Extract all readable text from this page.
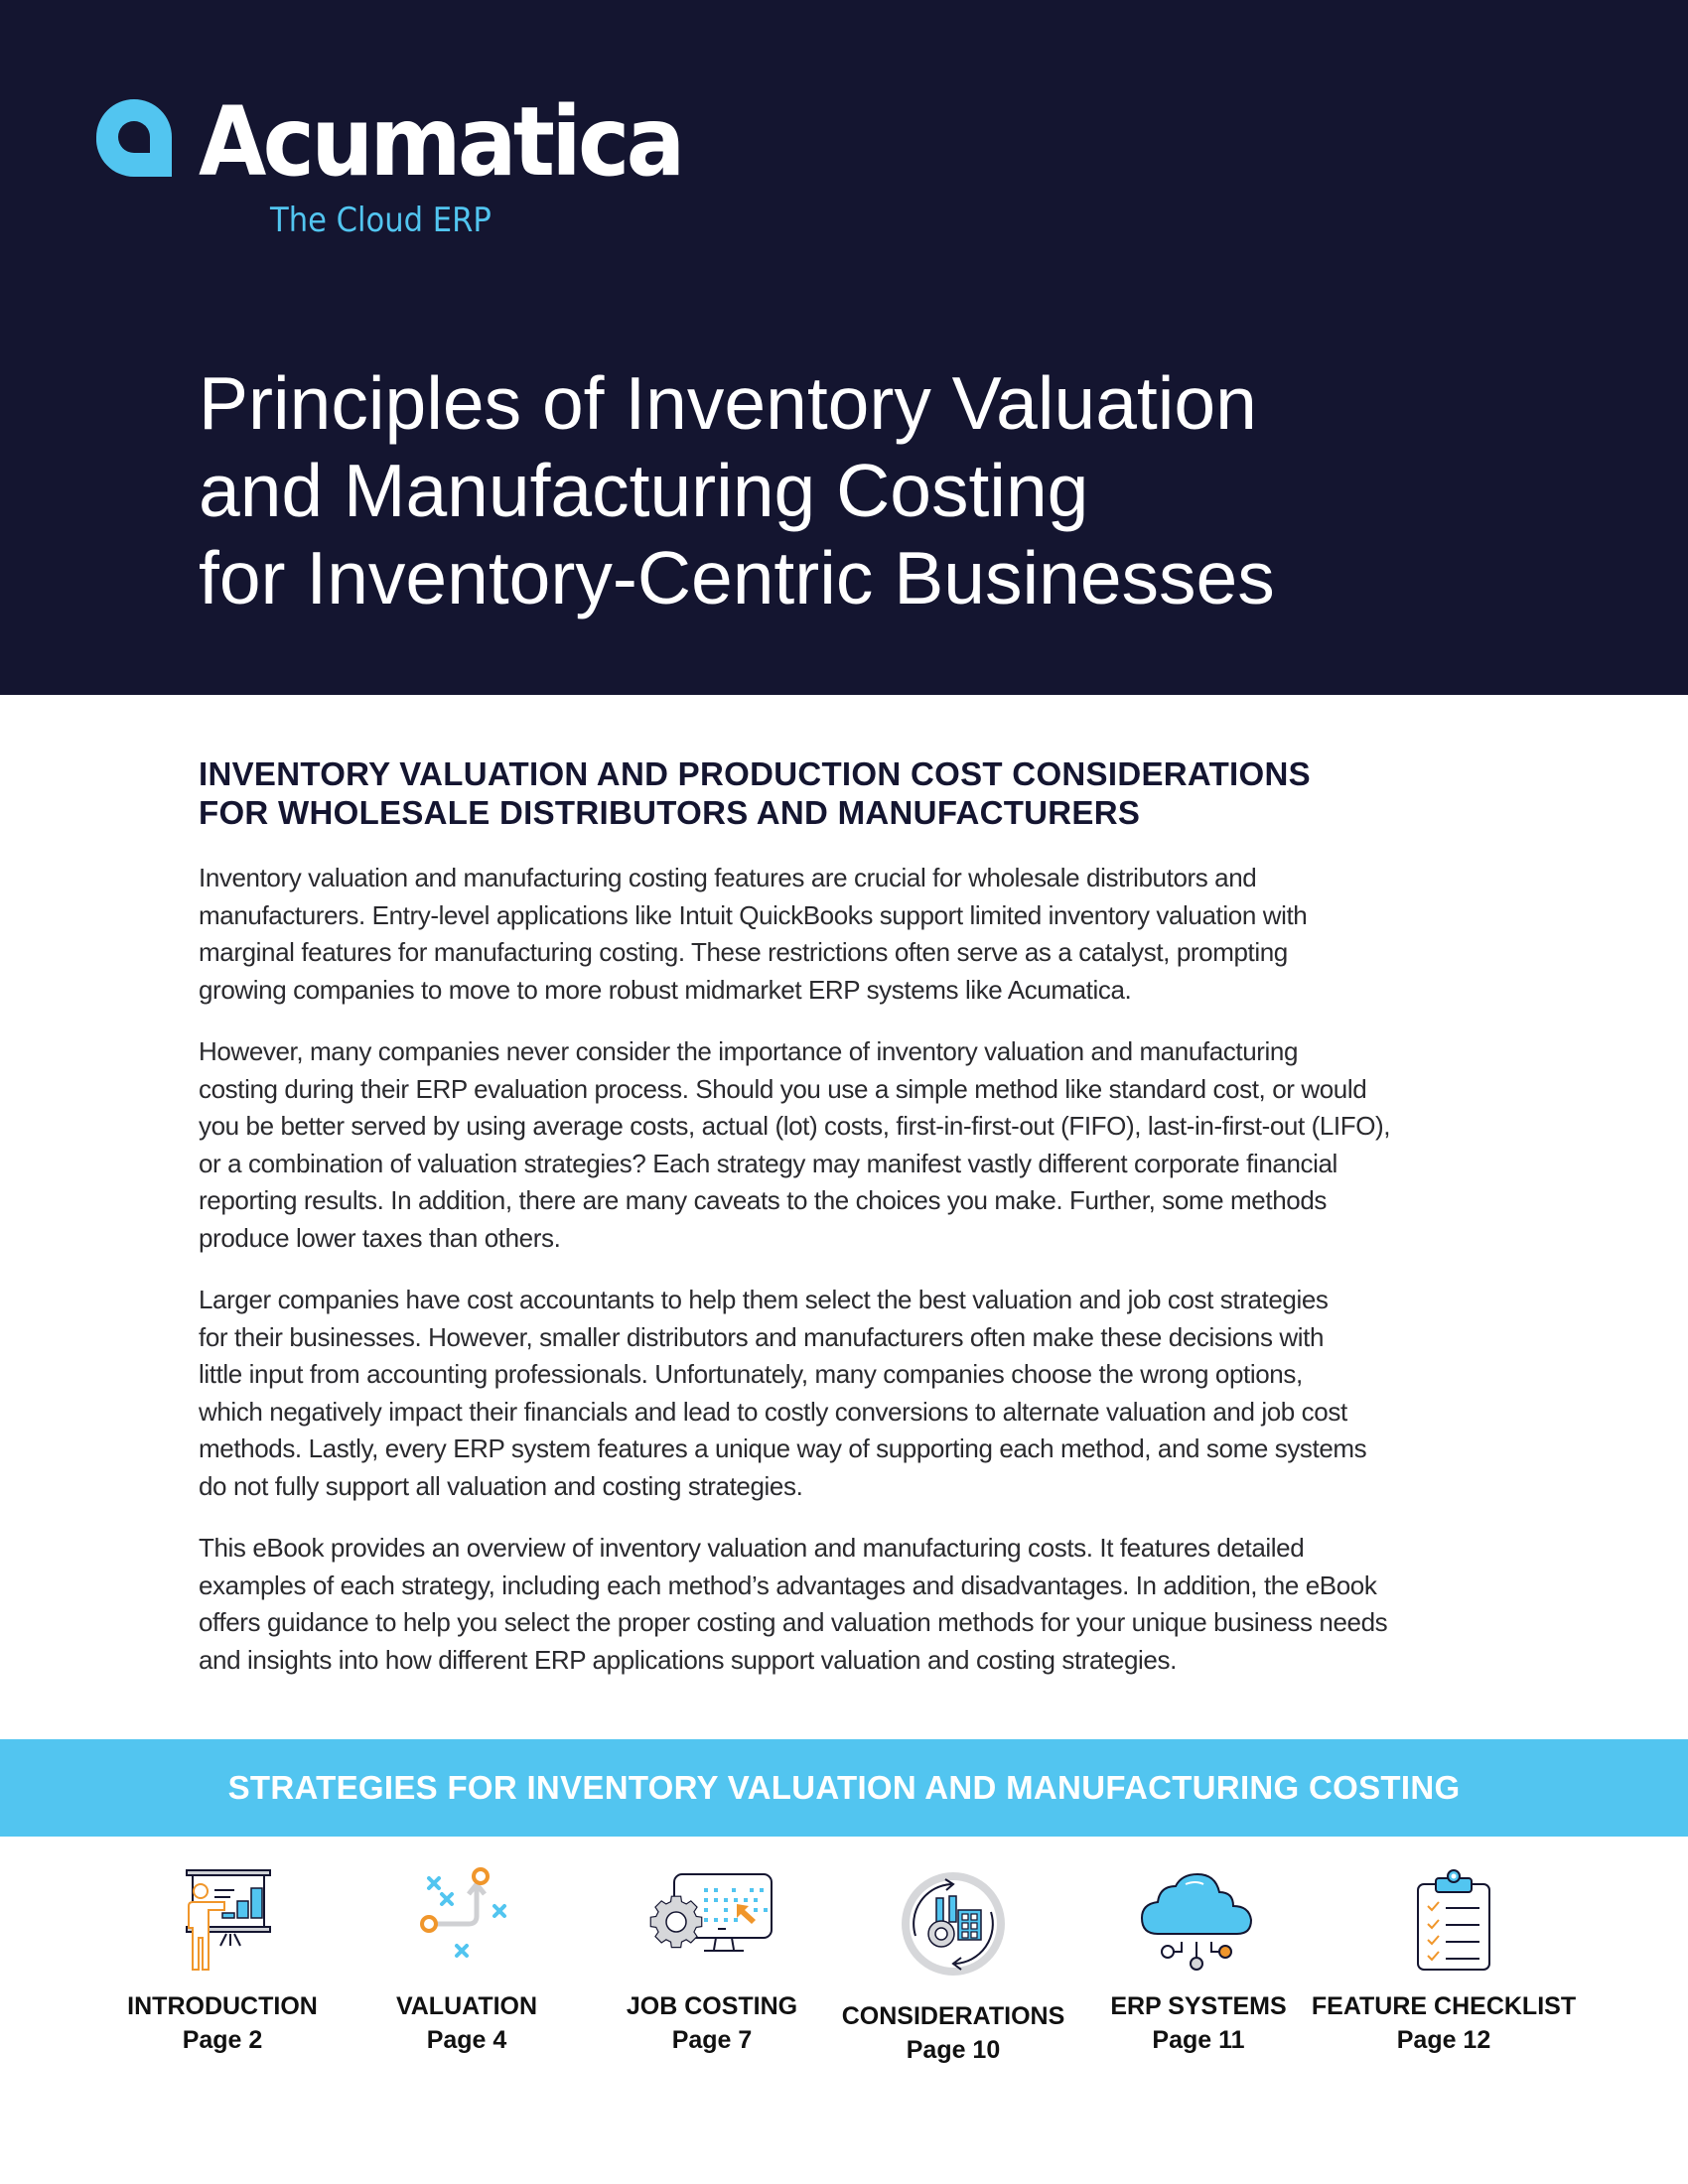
Acumatica
The Cloud ERP
Principles of Inventory Valuation
and Manufacturing Costing
for Inventory-Centric Businesses
INVENTORY VALUATION AND PRODUCTION COST CONSIDERATIONS
FOR WHOLESALE DISTRIBUTORS AND MANUFACTURERS
Inventory valuation and manufacturing costing features are crucial for wholesale distributors and
manufacturers. Entry-level applications like Intuit QuickBooks support limited inventory valuation with
marginal features for manufacturing costing. These restrictions often serve as a catalyst, prompting
growing companies to move to more robust midmarket ERP systems like Acumatica.
However, many companies never consider the importance of inventory valuation and manufacturing
costing during their ERP evaluation process. Should you use a simple method like standard cost, or would
you be better served by using average costs, actual (lot) costs, first-in-first-out (FIFO), last-in-first-out (LIFO),
or a combination of valuation strategies? Each strategy may manifest vastly different corporate financial
reporting results. In addition, there are many caveats to the choices you make. Further, some methods
produce lower taxes than others.
Larger companies have cost accountants to help them select the best valuation and job cost strategies
for their businesses. However, smaller distributors and manufacturers often make these decisions with
little input from accounting professionals. Unfortunately, many companies choose the wrong options,
which negatively impact their financials and lead to costly conversions to alternate valuation and job cost
methods. Lastly, every ERP system features a unique way of supporting each method, and some systems
do not fully support all valuation and costing strategies.
This eBook provides an overview of inventory valuation and manufacturing costs. It features detailed
examples of each strategy, including each method’s advantages and disadvantages. In addition, the eBook
offers guidance to help you select the proper costing and valuation methods for your unique business needs
and insights into how different ERP applications support valuation and costing strategies.
STRATEGIES FOR INVENTORY VALUATION AND MANUFACTURING COSTING
INTRODUCTION
Page 2
VALUATION
Page 4
JOB COSTING
Page 7
CONSIDERATIONS
Page 10
ERP SYSTEMS
Page 11
FEATURE CHECKLIST
Page 12
